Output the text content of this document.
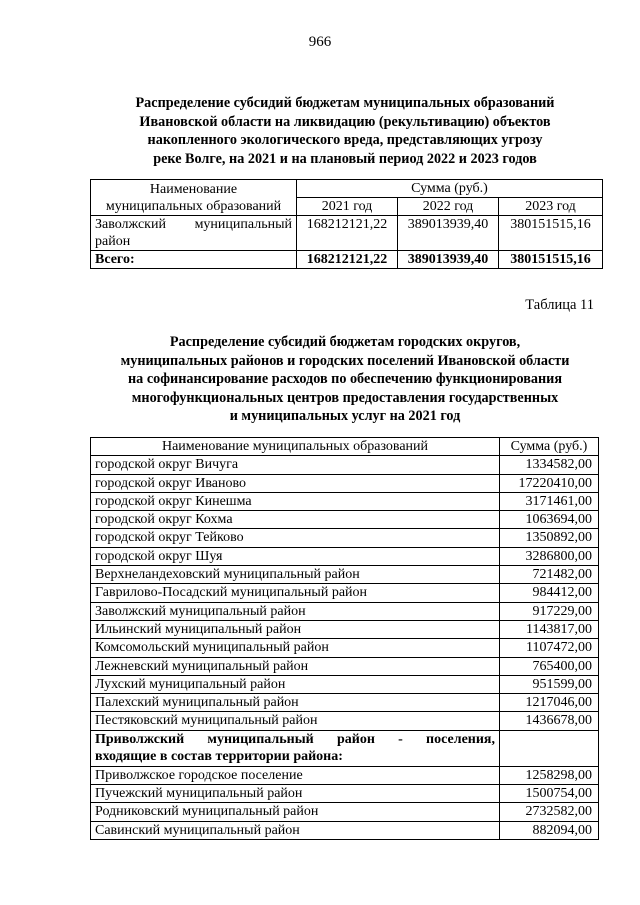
966
Распределение субсидий бюджетам муниципальных образований
Ивановской области на ликвидацию (рекультивацию) объектов
накопленного экологического вреда, представляющих угрозу
реке Волге, на 2021 и на плановый период 2022 и 2023 годов
Наименование
муниципальных образований	Сумма (руб.)		
	2021 год	2022 год	2023 год

Заволжский муниципальный
район	168212121,22	389013939,40	380151515,16
Всего:	168212121,22	389013939,40	380151515,16
Таблица 11
Распределение субсидий бюджетам городских округов,
муниципальных районов и городских поселений Ивановской области
на софинансирование расходов по обеспечению функционирования
многофункциональных центров предоставления государственных
и муниципальных услуг на 2021 год
Наименование муниципальных образований	Сумма (руб.)
городской округ Вичуга	1334582,00
городской округ Иваново	17220410,00
городской округ Кинешма	3171461,00
городской округ Кохма	1063694,00
городской округ Тейково	1350892,00
городской округ Шуя	3286800,00
Верхнеландеховский муниципальный район	721482,00
Гаврилово-Посадский муниципальный район	984412,00
Заволжский муниципальный район	917229,00
Ильинский муниципальный район	1143817,00
Комсомольский муниципальный район	1107472,00
Лежневский муниципальный район	765400,00
Лухский муниципальный район	951599,00
Палехский муниципальный район	1217046,00
Пестяковский муниципальный район	1436678,00

Приволжский муниципальный район - поселения,
входящие в состав территории района:	
Приволжское городское поселение	1258298,00
Пучежский муниципальный район	1500754,00
Родниковский муниципальный район	2732582,00
Савинский муниципальный район	882094,00
